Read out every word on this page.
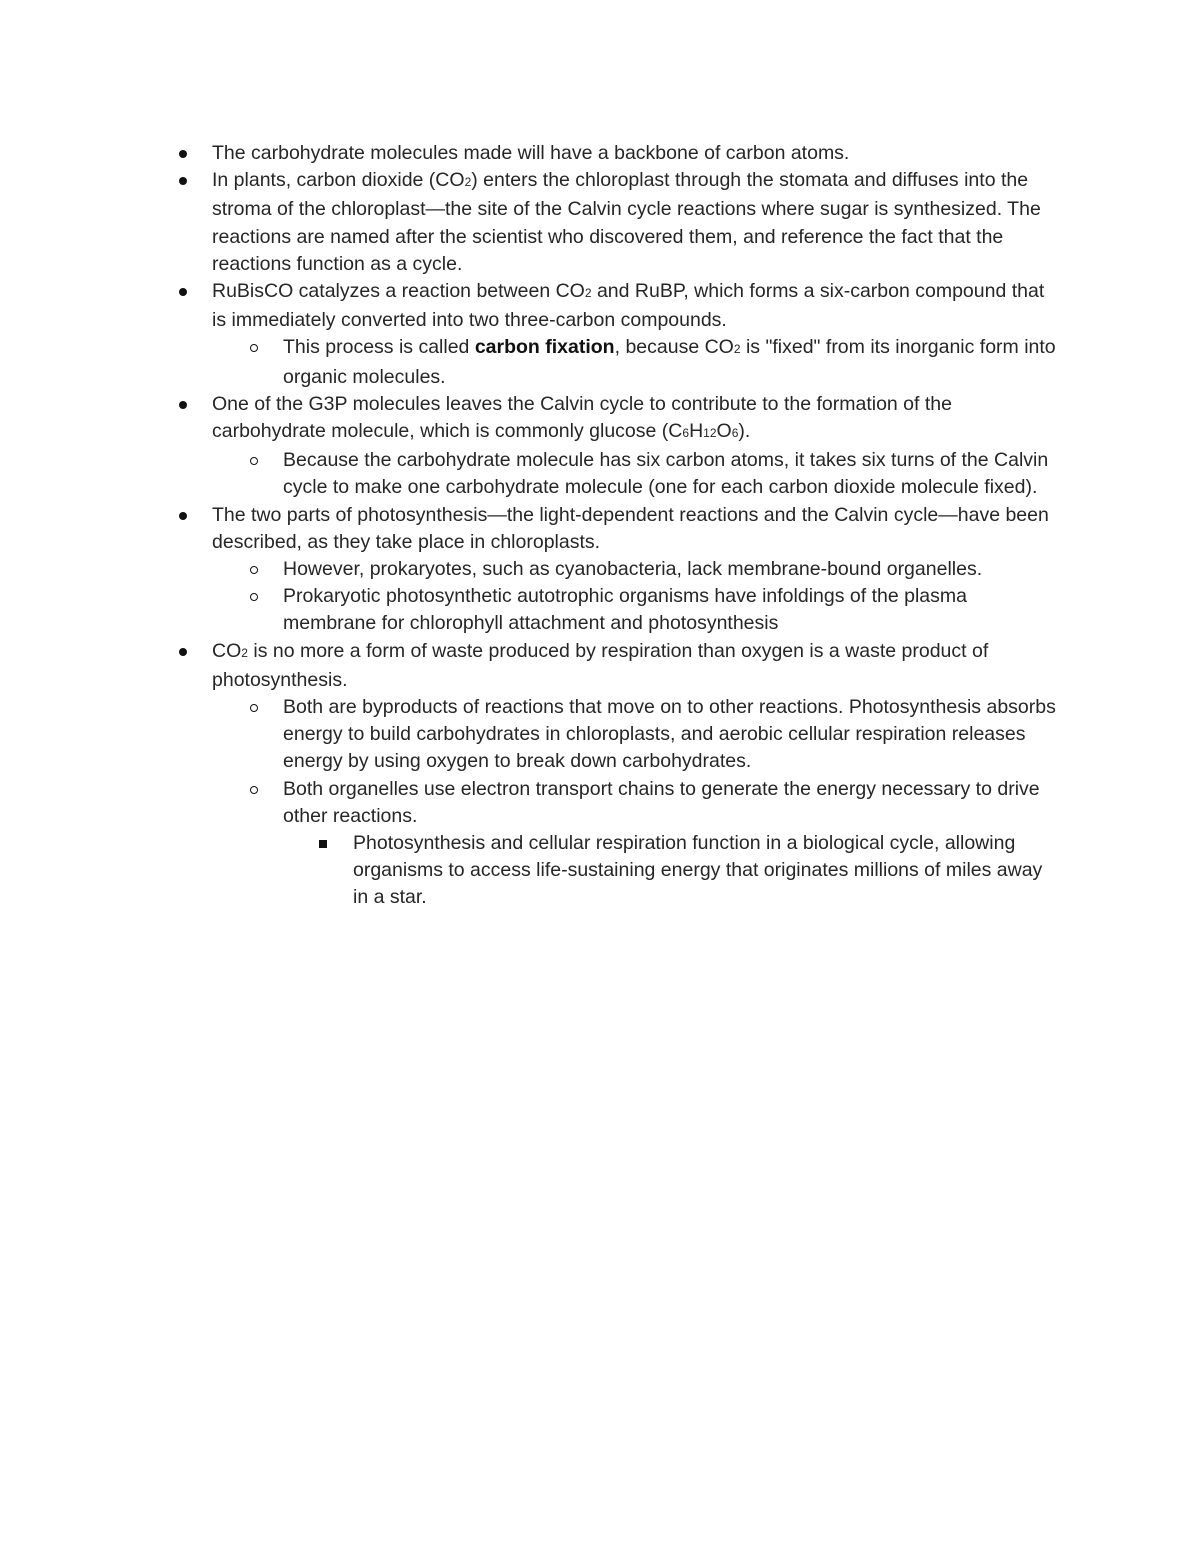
The carbohydrate molecules made will have a backbone of carbon atoms.
In plants, carbon dioxide (CO2) enters the chloroplast through the stomata and diffuses into the stroma of the chloroplast—the site of the Calvin cycle reactions where sugar is synthesized. The reactions are named after the scientist who discovered them, and reference the fact that the reactions function as a cycle.
RuBisCO catalyzes a reaction between CO2 and RuBP, which forms a six-carbon compound that is immediately converted into two three-carbon compounds.
This process is called carbon fixation, because CO2 is "fixed" from its inorganic form into organic molecules.
One of the G3P molecules leaves the Calvin cycle to contribute to the formation of the carbohydrate molecule, which is commonly glucose (C6H12O6).
Because the carbohydrate molecule has six carbon atoms, it takes six turns of the Calvin cycle to make one carbohydrate molecule (one for each carbon dioxide molecule fixed).
The two parts of photosynthesis—the light-dependent reactions and the Calvin cycle—have been described, as they take place in chloroplasts.
However, prokaryotes, such as cyanobacteria, lack membrane-bound organelles.
Prokaryotic photosynthetic autotrophic organisms have infoldings of the plasma membrane for chlorophyll attachment and photosynthesis
CO2 is no more a form of waste produced by respiration than oxygen is a waste product of photosynthesis.
Both are byproducts of reactions that move on to other reactions. Photosynthesis absorbs energy to build carbohydrates in chloroplasts, and aerobic cellular respiration releases energy by using oxygen to break down carbohydrates.
Both organelles use electron transport chains to generate the energy necessary to drive other reactions.
Photosynthesis and cellular respiration function in a biological cycle, allowing organisms to access life-sustaining energy that originates millions of miles away in a star.
